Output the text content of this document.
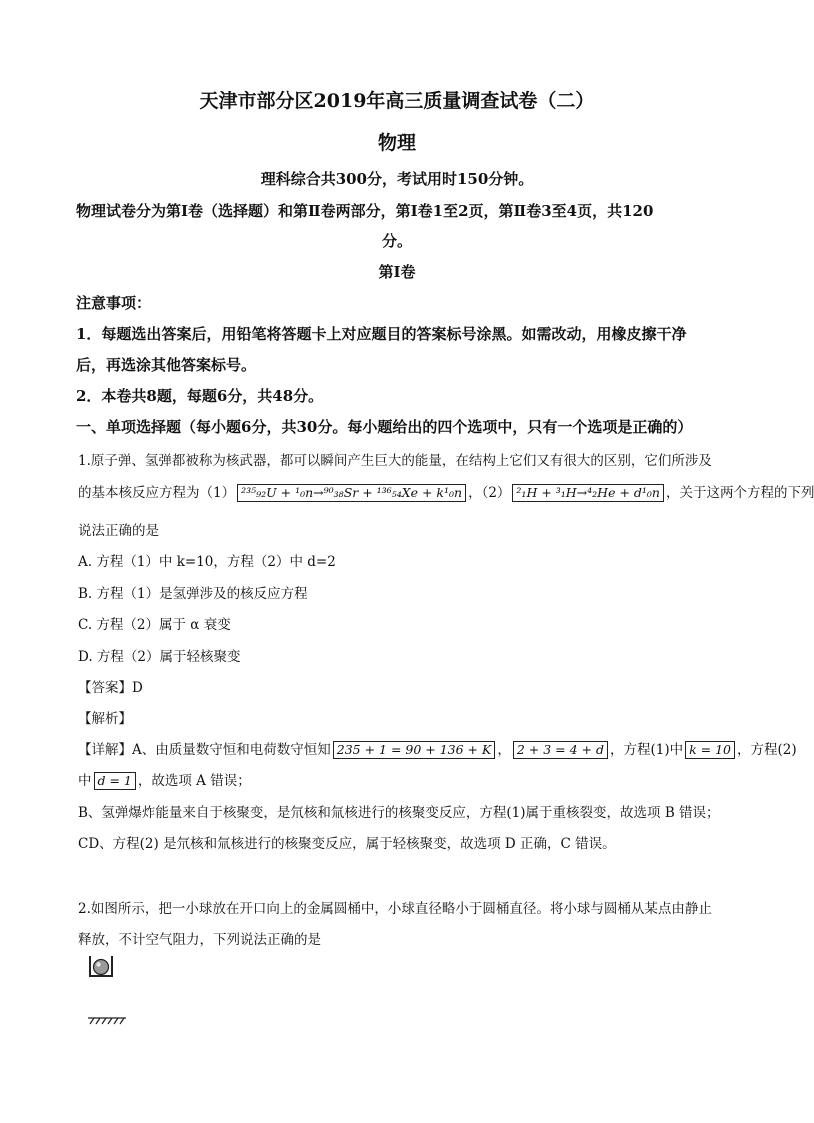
天津市部分区2019年高三质量调查试卷（二）
物理
理科综合共300分，考试用时150分钟。
物理试卷分为第Ⅰ卷（选择题）和第Ⅱ卷两部分，第Ⅰ卷1至2页，第Ⅱ卷3至4页，共120
分。
第Ⅰ卷
注意事项：
1．每题选出答案后，用铅笔将答题卡上对应题目的答案标号涂黑。如需改动，用橡皮擦干净
后，再选涂其他答案标号。
2．本卷共8题，每题6分，共48分。
一、单项选择题（每小题6分，共30分。每小题给出的四个选项中，只有一个选项是正确的）
1.原子弹、氢弹都被称为核武器，都可以瞬间产生巨大的能量，在结构上它们又有很大的区别，它们所涉及
的基本核反应方程为（1） ²³⁵₉₂U + ¹₀n→⁹⁰₃₈Sr + ¹³⁶₅₄Xe + k¹₀n ，（2） ²₁H + ³₁H→⁴₂He + d¹₀n ，关于这两个方程的下列
说法正确的是
A. 方程（1）中 k=10，方程（2）中 d=2
B. 方程（1）是氢弹涉及的核反应方程
C. 方程（2）属于 α 衰变
D. 方程（2）属于轻核聚变
【答案】D
【解析】
【详解】A、由质量数守恒和电荷数守恒知 235 + 1 = 90 + 136 + K ， 2 + 3 = 4 + d ，方程(1)中 k = 10 ，方程(2)
中 d = 1 ，故选项 A 错误；
B、氢弹爆炸能量来自于核聚变，是氘核和氚核进行的核聚变反应，方程(1)属于重核裂变，故选项 B 错误；
CD、方程(2) 是氘核和氚核进行的核聚变反应，属于轻核聚变，故选项 D 正确，C 错误。
2.如图所示，把一小球放在开口向上的金属圆桶中，小球直径略小于圆桶直径。将小球与圆桶从某点由静止
释放，不计空气阻力，下列说法正确的是
